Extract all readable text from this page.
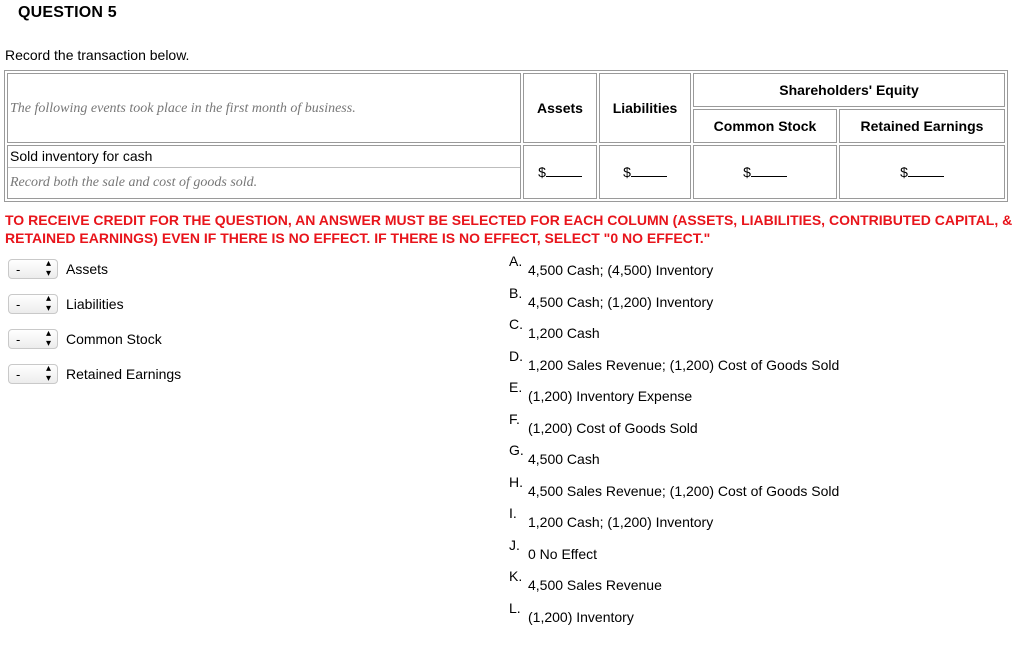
QUESTION 5
Record the transaction below.
The following events took place in the first month of business.	Assets	Liabilities	Shareholders' Equity	
			Common Stock	Retained Earnings

Sold inventory for cash
Record both the sale and cost of goods sold.	$	$	$	$
TO RECEIVE CREDIT FOR THE QUESTION, AN ANSWER MUST BE SELECTED FOR EACH COLUMN (ASSETS, LIABILITIES, CONTRIBUTED CAPITAL, & RETAINED EARNINGS) EVEN IF THERE IS NO EFFECT. IF THERE IS NO EFFECT, SELECT "0 NO EFFECT."
-	▴
▾ Assets
-	▴
▾ Liabilities
-	▴
▾ Common Stock
-	▴
▾ Retained Earnings
A.
4,500 Cash; (4,500) Inventory
B.
4,500 Cash; (1,200) Inventory
C.
1,200 Cash
D.
1,200 Sales Revenue; (1,200) Cost of Goods Sold
E.
(1,200) Inventory Expense
F.
(1,200) Cost of Goods Sold
G.
4,500 Cash
H.
4,500 Sales Revenue; (1,200) Cost of Goods Sold
I.
1,200 Cash; (1,200) Inventory
J.
0 No Effect
K.
4,500 Sales Revenue
L.
(1,200) Inventory
